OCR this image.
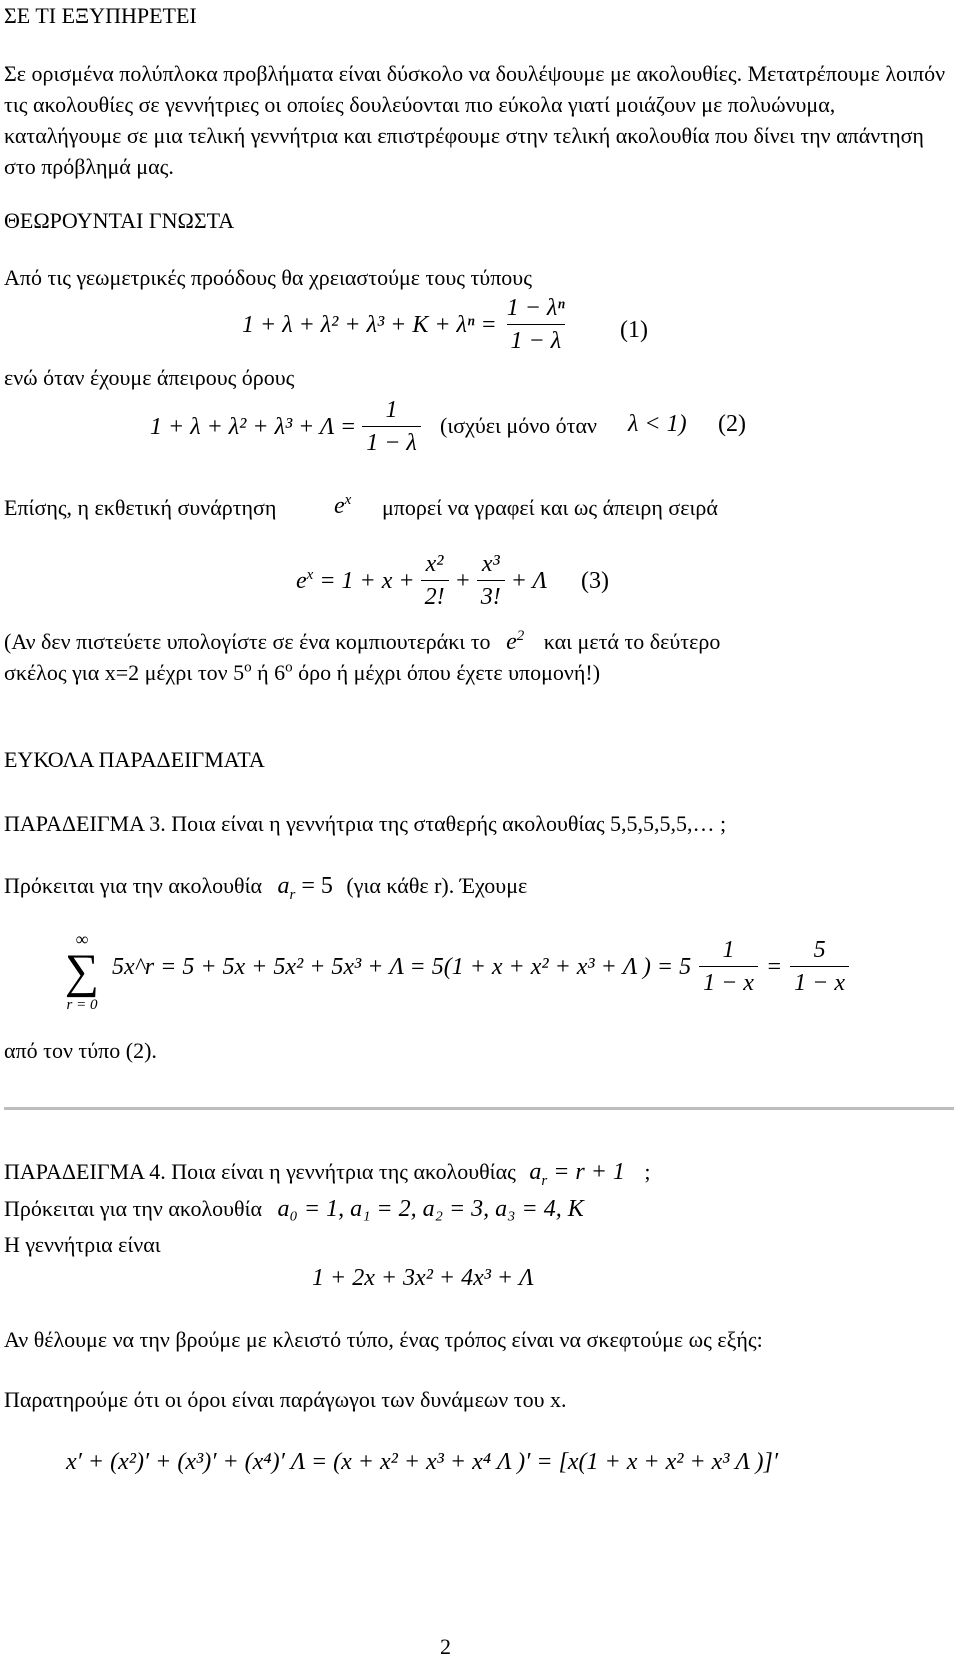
ΣΕ ΤΙ ΕΞΥΠΗΡΕΤΕΙ
Σε ορισμένα πολύπλοκα προβλήματα είναι δύσκολο να δουλέψουμε με ακολουθίες. Μετατρέπουμε λοιπόν τις ακολουθίες σε γεννήτριες οι οποίες δουλεύονται πιο εύκολα γιατί μοιάζουν με πολυώνυμα, καταλήγουμε σε μια τελική γεννήτρια και επιστρέφουμε στην τελική ακολουθία που δίνει την απάντηση στο πρόβλημά μας.
ΘΕΩΡΟΥΝΤΑΙ ΓΝΩΣΤΑ
Από τις γεωμετρικές προόδους θα χρειαστούμε τους τύπους
$1 + \lambda + \lambda^2 + \lambda^3 + K + \lambda^n = \frac{\text{1 − λⁿ}}{1 - \lambda} (1)$
ενώ όταν έχουμε άπειρους όρους
$1 + \lambda + \lambda^2 + \lambda^3 + \Lambda = \frac{1}{1 - \lambda} (\iota\sigma\chi ύ\varepsilon\iota$ μόνο όταν λ < 1) (2)
Επίσης, η εκθετική συνάρτηση $e^x$ μπορεί να γραφεί και ως άπειρη σειρά
$e^x = 1 + x + \frac{\text{x²}}{2!} + \frac{\text{x³}}{3!} + \Lambda$ (3)
(Αν δεν πιστεύετε υπολογίστε σε ένα κομπιουτεράκι το $e^2$ και μετά το δεύτερο
σκέλος για x=2 μέχρι τον $5^o$ ή $6^o$ όρο ή μέχρι όπου έχετε υπομονή!)
ΕΥΚΟΛΑ ΠΑΡΑΔΕΙΓΜΑΤΑ
ΠΑΡΑΔΕΙΓΜΑ 3. Ποια είναι η γεννήτρια της σταθερής ακολουθίας 5,5,5,5,5,… ;
Πρόκειται για την ακολουθία $a_r = 5$ (για κάθε r). Έχουμε
∞
∑
r = 0
5x^r = 5 + 5x + 5x² + 5x³ + Λ = 5(1 + x + x² + x³ + Λ ) = $5 \frac{1}{1 - x} = \frac{5}{1 - x}$
από τον τύπο (2).
ΠΑΡΑΔΕΙΓΜΑ 4. Ποια είναι η γεννήτρια της ακολουθίας $a_r = r + 1$ ;
Πρόκειται για την ακολουθία a₀ = 1, a₁ = 2, a₂ = 3, a₃ = 4, Κ
Η γεννήτρια είναι
1 + 2x + 3x² + 4x³ + Λ
Αν θέλουμε να την βρούμε με κλειστό τύπο, ένας τρόπος είναι να σκεφτούμε ως εξής:
Παρατηρούμε ότι οι όροι είναι παράγωγοι των δυνάμεων του x.
x′ + (x²)′ + (x³)′ + (x⁴)′ Λ = (x + x² + x³ + x⁴ Λ )′ = [x(1 + x + x² + x³ Λ )]′
2
